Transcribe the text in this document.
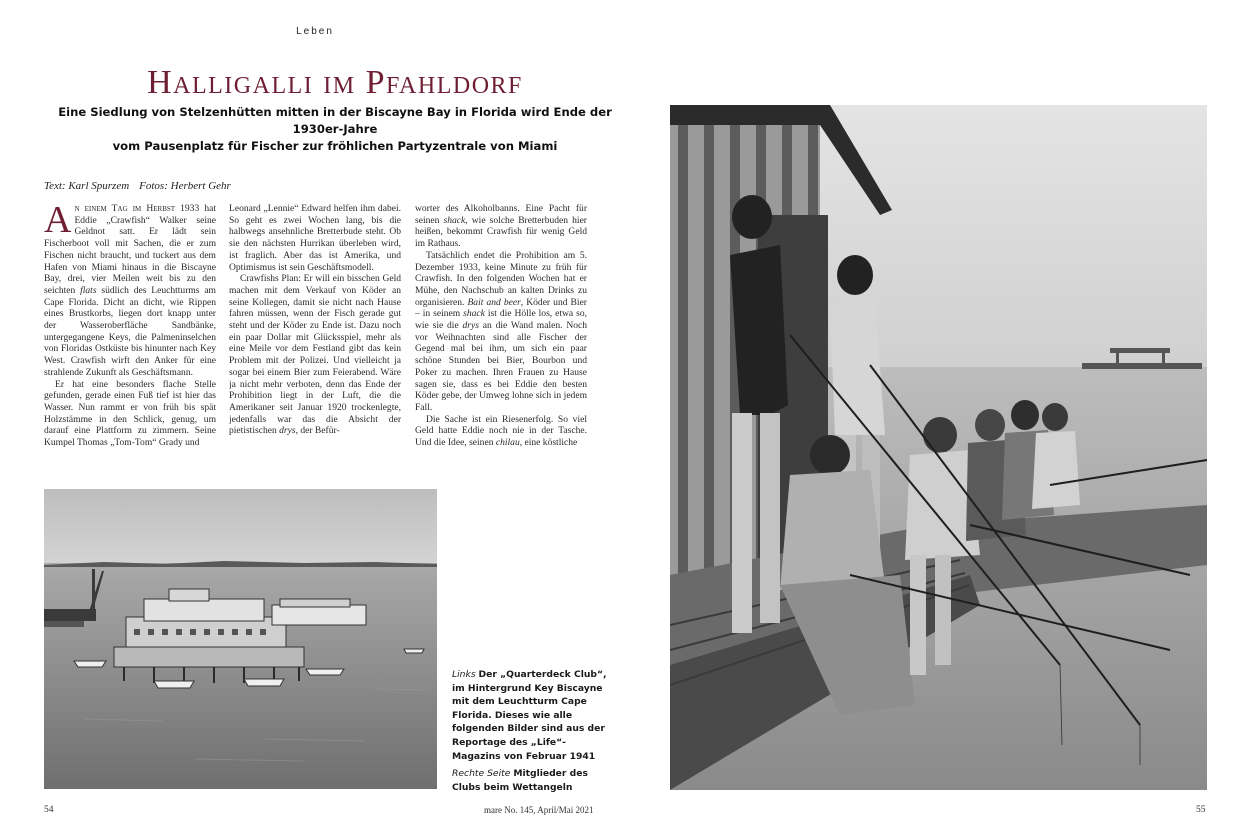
Leben
Halligalli im Pfahldorf
Eine Siedlung von Stelzenhütten mitten in der Biscayne Bay in Florida wird Ende der 1930er-Jahre
vom Pausenplatz für Fischer zur fröhlichen Partyzentrale von Miami
Text: Karl Spurzem Fotos: Herbert Gehr

An einem Tag im Herbst 1933 hat Eddie „Crawfish“ Walker seine Geldnot satt. Er lädt sein Fischerboot voll mit Sachen, die er zum Fischen nicht braucht, und tuckert aus dem Hafen von Miami hinaus in die Biscayne Bay, drei, vier Meilen weit bis zu den seichten flats südlich des Leuchtturms am Cape Florida. Dicht an dicht, wie Rippen eines Brustkorbs, liegen dort knapp unter der Wasseroberfläche Sandbänke, untergegangene Keys, die Palmeninselchen von Floridas Ostküste bis hinunter nach Key West. Crawfish wirft den Anker für eine strahlende Zukunft als Geschäftsmann.

Er hat eine besonders flache Stelle gefunden, gerade einen Fuß tief ist hier das Wasser. Nun rammt er von früh bis spät Holzstämme in den Schlick, genug, um darauf eine Plattform zu zimmern. Seine Kumpel Thomas „Tom-Tom“ Grady und

Leonard „Lennie“ Edward helfen ihm dabei. So geht es zwei Wochen lang, bis die halbwegs ansehnliche Bretterbude steht. Ob sie den nächsten Hurrikan überleben wird, ist fraglich. Aber das ist Amerika, und Optimismus ist sein Geschäftsmodell.

Crawfishs Plan: Er will ein bisschen Geld machen mit dem Verkauf von Köder an seine Kollegen, damit sie nicht nach Hause fahren müssen, wenn der Fisch gerade gut steht und der Köder zu Ende ist. Dazu noch ein paar Dollar mit Glücksspiel, mehr als eine Meile vor dem Festland gibt das kein Problem mit der Polizei. Und vielleicht ja sogar bei einem Bier zum Feierabend. Wäre ja nicht mehr verboten, denn das Ende der Prohibition liegt in der Luft, die die Amerikaner seit Januar 1920 trockenlegte, jedenfalls war das die Absicht der pietistischen drys, der Befür-

worter des Alkoholbanns. Eine Pacht für seinen shack, wie solche Bretterbuden hier heißen, bekommt Crawfish für wenig Geld im Rathaus.

Tatsächlich endet die Prohibition am 5. Dezember 1933, keine Minute zu früh für Crawfish. In den folgenden Wochen hat er Mühe, den Nachschub an kalten Drinks zu organisieren. Bait and beer, Köder und Bier – in seinem shack ist die Hölle los, etwa so, wie sie die drys an die Wand malen. Noch vor Weihnachten sind alle Fischer der Gegend mal bei ihm, um sich ein paar schöne Stunden bei Bier, Bourbon und Poker zu machen. Ihren Frauen zu Hause sagen sie, dass es bei Eddie den besten Köder gebe, der Umweg lohne sich in jedem Fall.

Die Sache ist ein Riesenerfolg. So viel Geld hatte Eddie noch nie in der Tasche. Und die Idee, seinen chilau, eine köstliche

Links Der „Quarterdeck Club“, im Hintergrund Key Biscayne mit dem Leuchtturm Cape Florida. Dieses wie alle folgenden Bilder sind aus der Reportage des „Life“-Magazins von Februar 1941
Rechte Seite Mitglieder des Clubs beim Wettangeln
54	mare No. 145, April/Mai 2021	55
